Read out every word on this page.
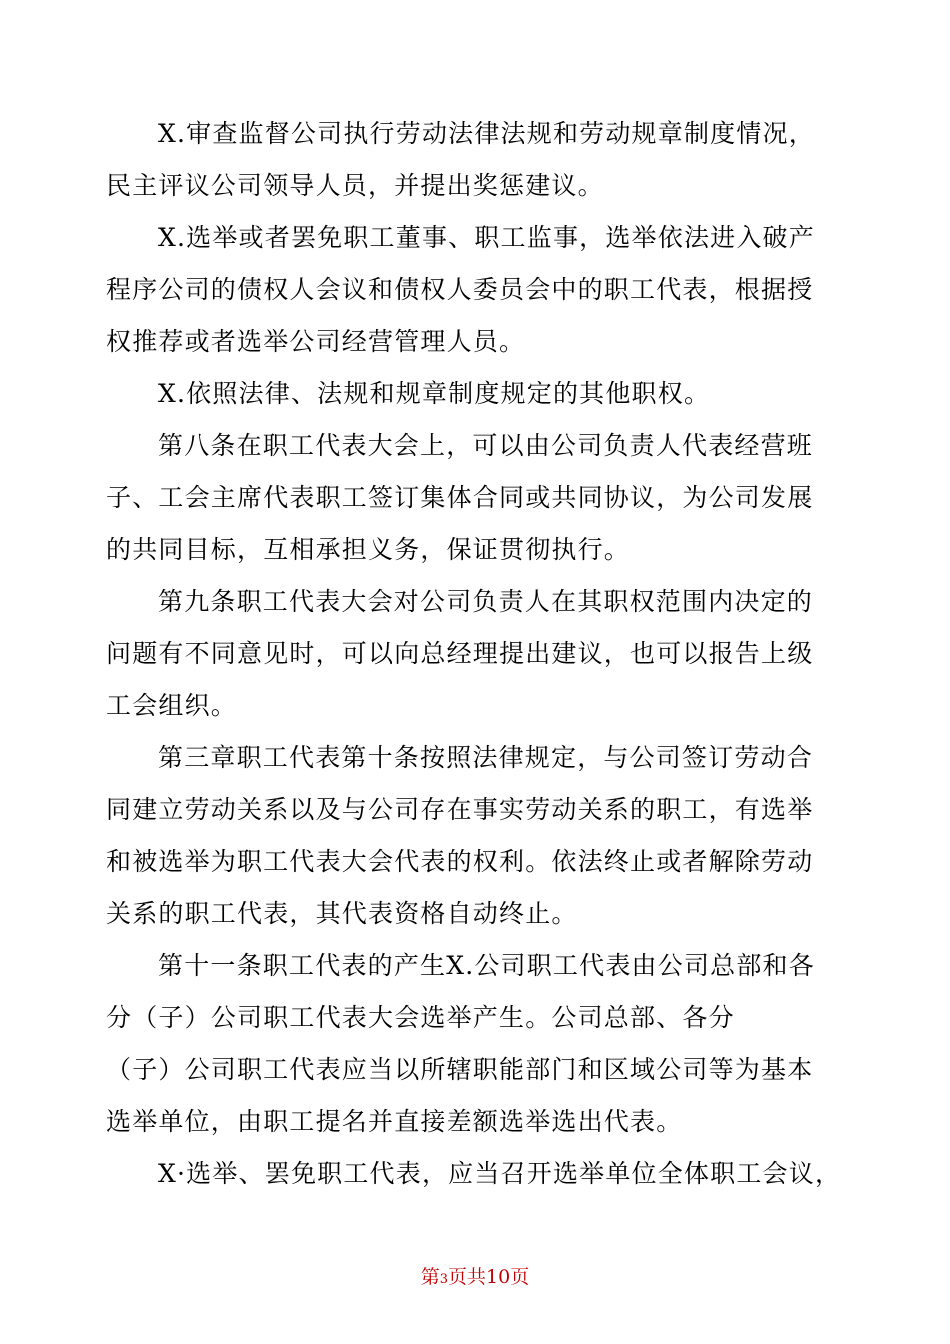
X.审查监督公司执行劳动法律法规和劳动规章制度情况，
民主评议公司领导人员，并提出奖惩建议。
X.选举或者罢免职工董事、职工监事，选举依法进入破产
程序公司的债权人会议和债权人委员会中的职工代表，根据授
权推荐或者选举公司经营管理人员。
X.依照法律、法规和规章制度规定的其他职权。
第八条在职工代表大会上，可以由公司负责人代表经营班
子、工会主席代表职工签订集体合同或共同协议，为公司发展
的共同目标，互相承担义务，保证贯彻执行。
第九条职工代表大会对公司负责人在其职权范围内决定的
问题有不同意见时，可以向总经理提出建议，也可以报告上级
工会组织。
第三章职工代表第十条按照法律规定，与公司签订劳动合
同建立劳动关系以及与公司存在事实劳动关系的职工，有选举
和被选举为职工代表大会代表的权利。依法终止或者解除劳动
关系的职工代表，其代表资格自动终止。
第十一条职工代表的产生X.公司职工代表由公司总部和各
分（子）公司职工代表大会选举产生。公司总部、各分
（子）公司职工代表应当以所辖职能部门和区域公司等为基本
选举单位，由职工提名并直接差额选举选出代表。
X·选举、罢免职工代表，应当召开选举单位全体职工会议，
第3页共10页
